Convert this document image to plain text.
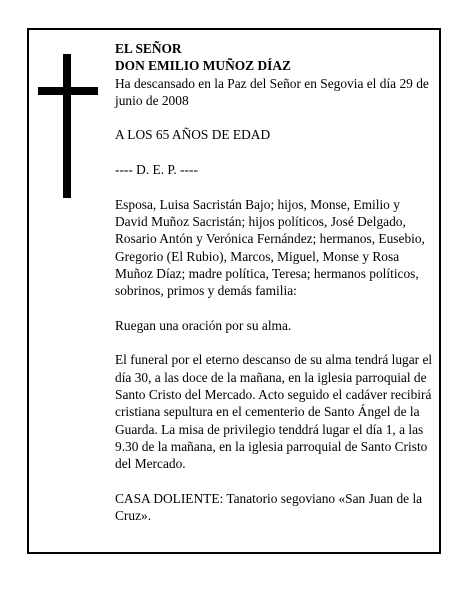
EL SEÑOR

DON EMILIO MUÑOZ DÍAZ

Ha descansado en la Paz del Señor en Segovia el día 29 de junio de 2008

A LOS 65 AÑOS DE EDAD

---- D. E. P. ----

Esposa, Luisa Sacristán Bajo; hijos, Monse, Emilio y David Muñoz Sacristán; hijos políticos, José Delgado, Rosario Antón y Verónica Fernández; hermanos, Eusebio, Gregorio (El Rubio), Marcos, Miguel, Monse y Rosa Muñoz Díaz; madre política, Teresa; hermanos políticos, sobrinos, primos y demás familia:

Ruegan una oración por su alma.

El funeral por el eterno descanso de su alma tendrá lugar el día 30, a las doce de la mañana, en la iglesia parroquial de Santo Cristo del Mercado. Acto seguido el cadáver recibirá cristiana sepultura en el cementerio de Santo Ángel de la Guarda. La misa de privilegio tenddrá lugar el día 1, a las 9.30 de la mañana, en la iglesia parroquial de Santo Cristo del Mercado.

CASA DOLIENTE: Tanatorio segoviano «San Juan de la Cruz».
